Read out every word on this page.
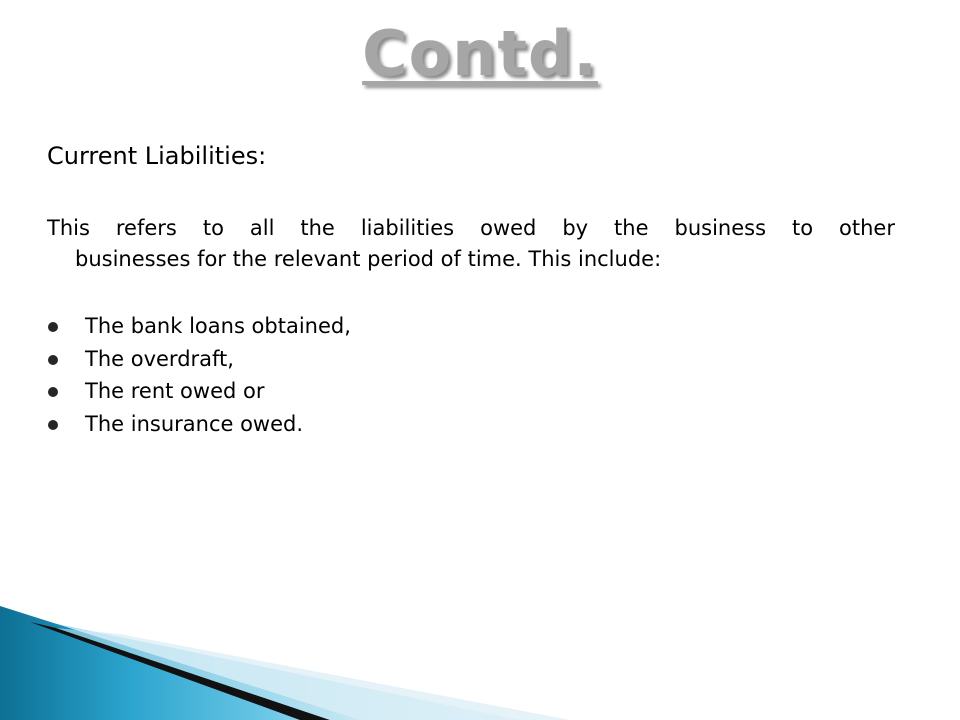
Contd.
Current Liabilities:
This refers to all the liabilities owed by the business to other
businesses for the relevant period of time. This include:
The bank loans obtained,
The overdraft,
The rent owed or
The insurance owed.
